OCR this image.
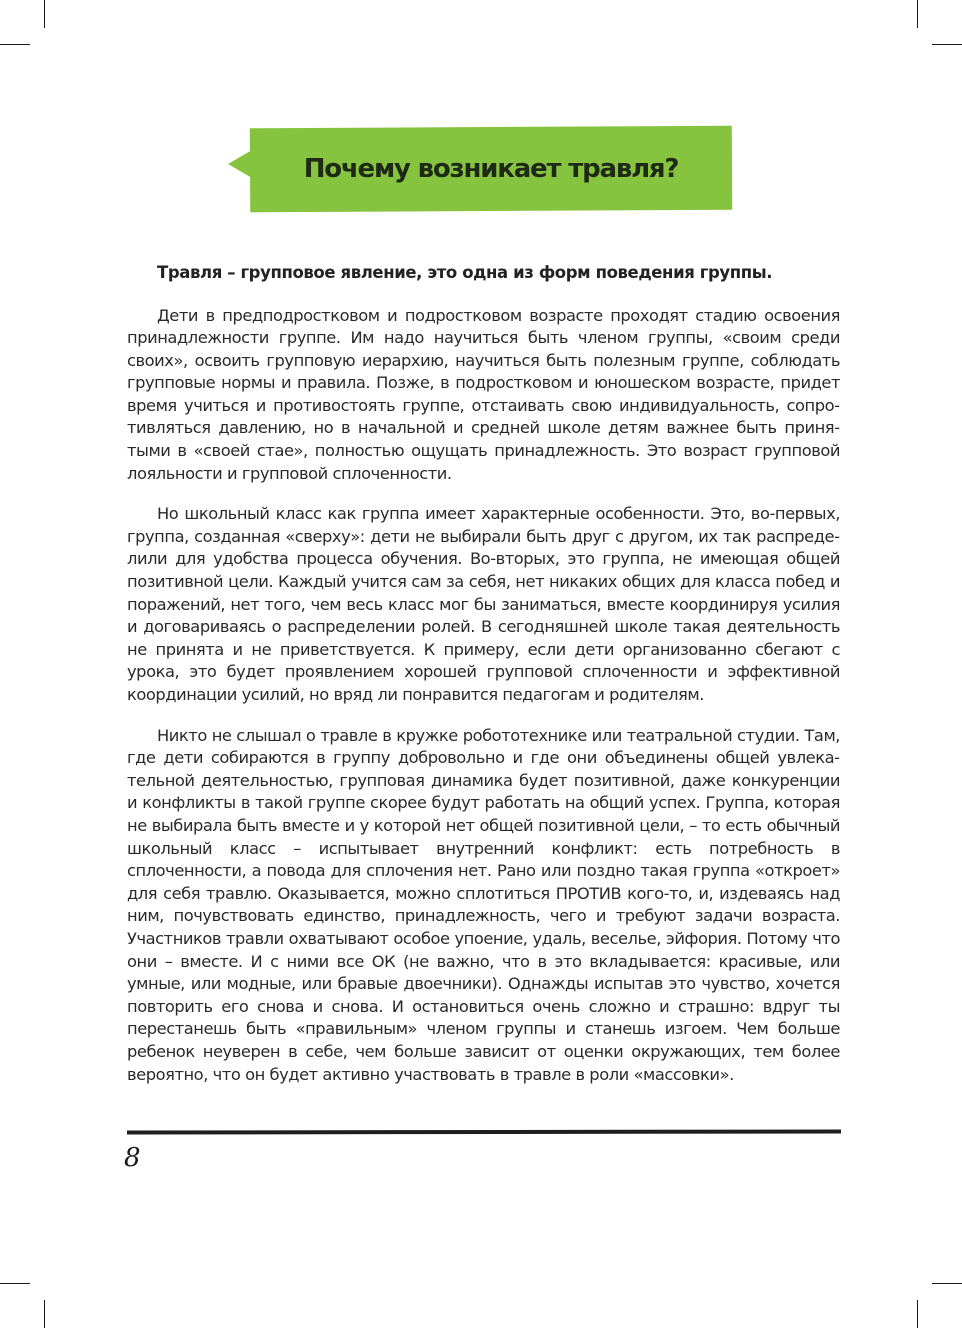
Почему возникает травля?

Травля – групповое явление, это одна из форм поведения группы.

Дети в предподростковом и подростковом возрасте проходят стадию освоения принадлежности группе. Им надо научиться быть членом группы, «своим среди своих», освоить групповую иерархию, научиться быть полезным группе, соблюдать групповые нормы и правила. Позже, в подростковом и юношеском возрасте, придет время учиться и противостоять группе, отстаивать свою индивидуальность, сопротивляться давлению, но в начальной и средней школе детям важнее быть принятыми в «своей стае», полностью ощущать принадлежность. Это возраст групповой лояльности и групповой сплоченности.

Но школьный класс как группа имеет характерные особенности. Это, во-первых, группа, созданная «сверху»: дети не выбирали быть друг с другом, их так распределили для удобства процесса обучения. Во-вторых, это группа, не имеющая общей позитивной цели. Каждый учится сам за себя, нет никаких общих для класса побед и поражений, нет того, чем весь класс мог бы заниматься, вместе координируя усилия и договариваясь о распределении ролей. В сегодняшней школе такая деятельность не принята и не приветствуется. К примеру, если дети организованно сбегают с урока, это будет проявлением хорошей групповой сплоченности и эффективной координации усилий, но вряд ли понравится педагогам и родителям.

Никто не слышал о травле в кружке робототехнике или театральной студии. Там, где дети собираются в группу добровольно и где они объединены общей увлекательной деятельностью, групповая динамика будет позитивной, даже конкуренции и конфликты в такой группе скорее будут работать на общий успех. Группа, которая не выбирала быть вместе и у которой нет общей позитивной цели, – то есть обычный школьный класс – испытывает внутренний конфликт: есть потребность в сплоченности, а повода для сплочения нет. Рано или поздно такая группа «откроет» для себя травлю. Оказывается, можно сплотиться ПРОТИВ кого-то, и, издеваясь над ним, почувствовать единство, принадлежность, чего и требуют задачи возраста. Участников травли охватывают особое упоение, удаль, веселье, эйфория. Потому что они – вместе. И с ними все ОК (не важно, что в это вкладывается: красивые, или умные, или модные, или бравые двоечники). Однажды испытав это чувство, хочется повторить его снова и снова. И остановиться очень сложно и страшно: вдруг ты перестанешь быть «правильным» членом группы и станешь изгоем. Чем больше ребенок неуверен в себе, чем больше зависит от оценки окружающих, тем более вероятно, что он будет активно участвовать в травле в роли «массовки».

8
